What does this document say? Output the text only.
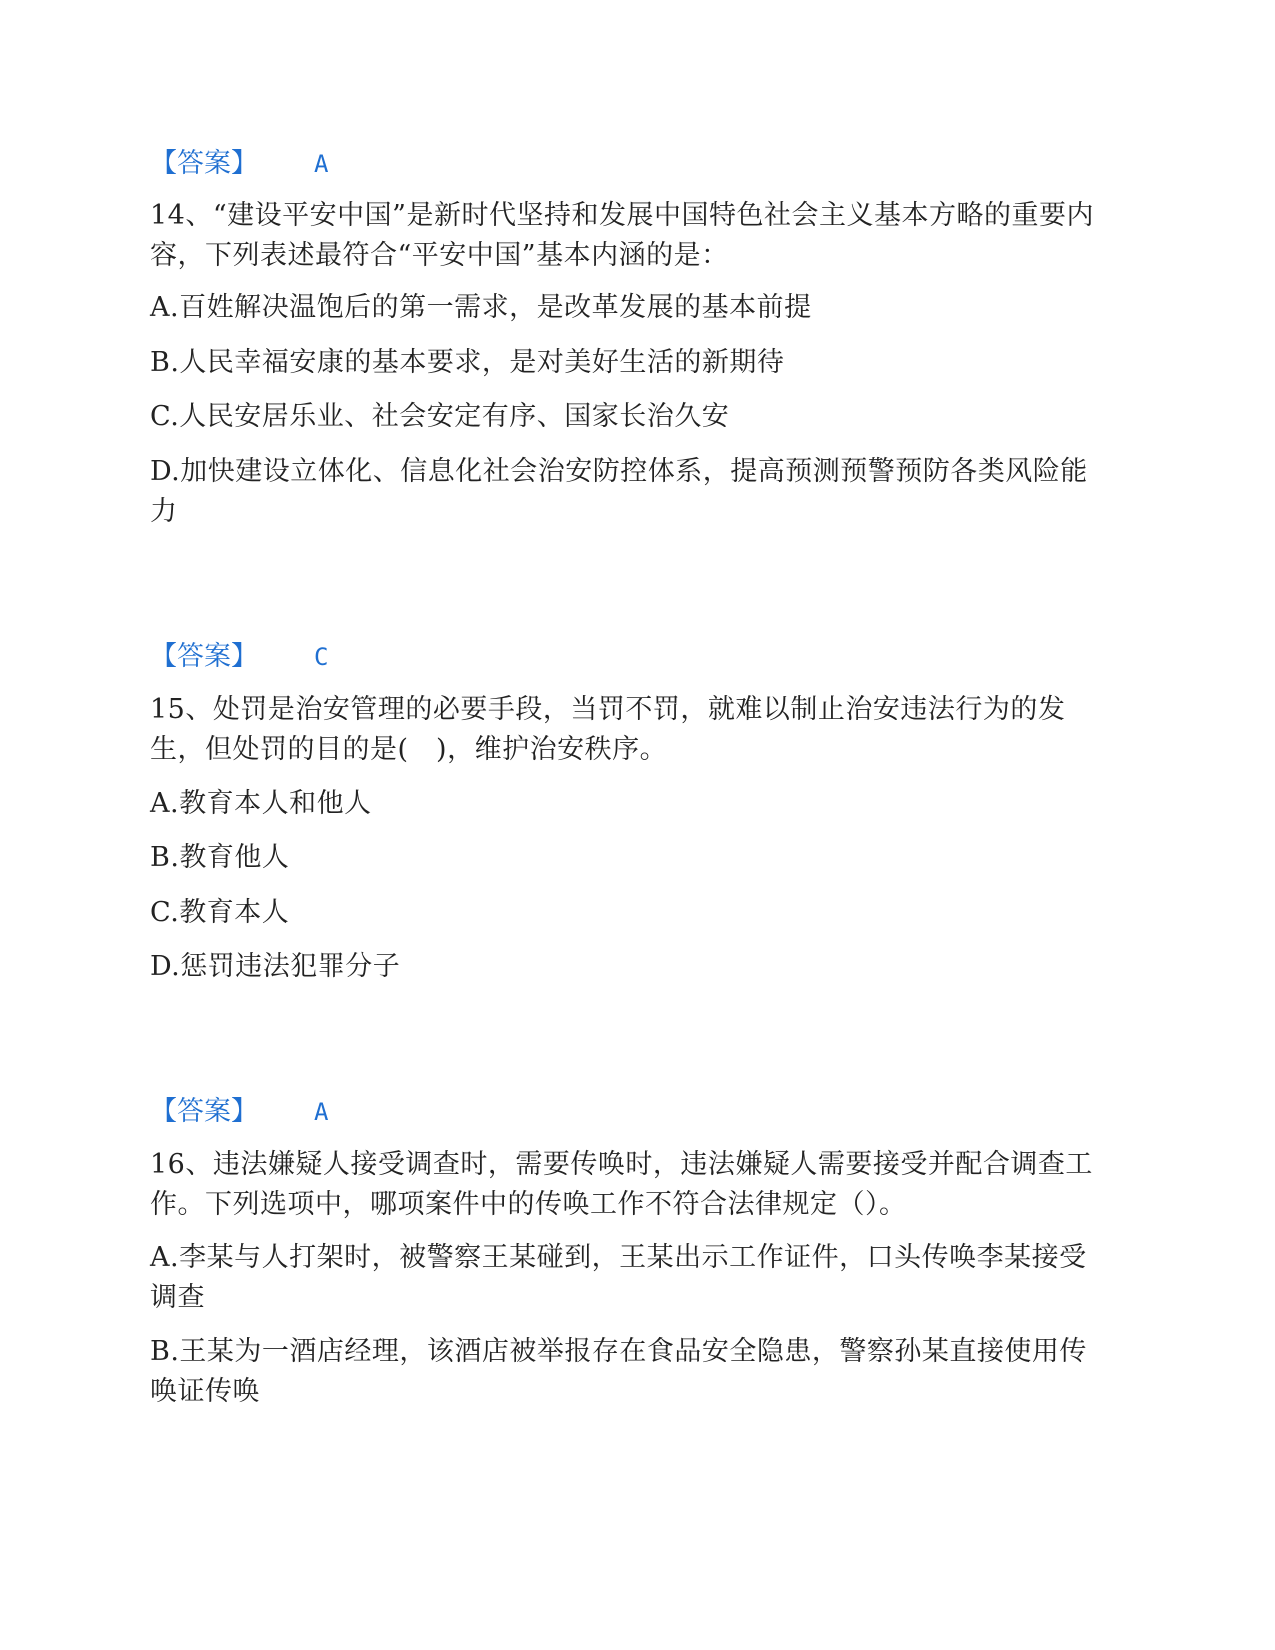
【答案】 A
14、“建设平安中国”是新时代坚持和发展中国特色社会主义基本方略的重要内容，下列表述最符合“平安中国”基本内涵的是：
A.百姓解决温饱后的第一需求，是改革发展的基本前提
B.人民幸福安康的基本要求，是对美好生活的新期待
C.人民安居乐业、社会安定有序、国家长治久安
D.加快建设立体化、信息化社会治安防控体系，提高预测预警预防各类风险能力
【答案】 C
15、处罚是治安管理的必要手段，当罚不罚，就难以制止治安违法行为的发生，但处罚的目的是(　)，维护治安秩序。
A.教育本人和他人
B.教育他人
C.教育本人
D.惩罚违法犯罪分子
【答案】 A
16、违法嫌疑人接受调查时，需要传唤时，违法嫌疑人需要接受并配合调查工作。下列选项中，哪项案件中的传唤工作不符合法律规定（）。
A.李某与人打架时，被警察王某碰到，王某出示工作证件，口头传唤李某接受调查
B.王某为一酒店经理，该酒店被举报存在食品安全隐患，警察孙某直接使用传唤证传唤
